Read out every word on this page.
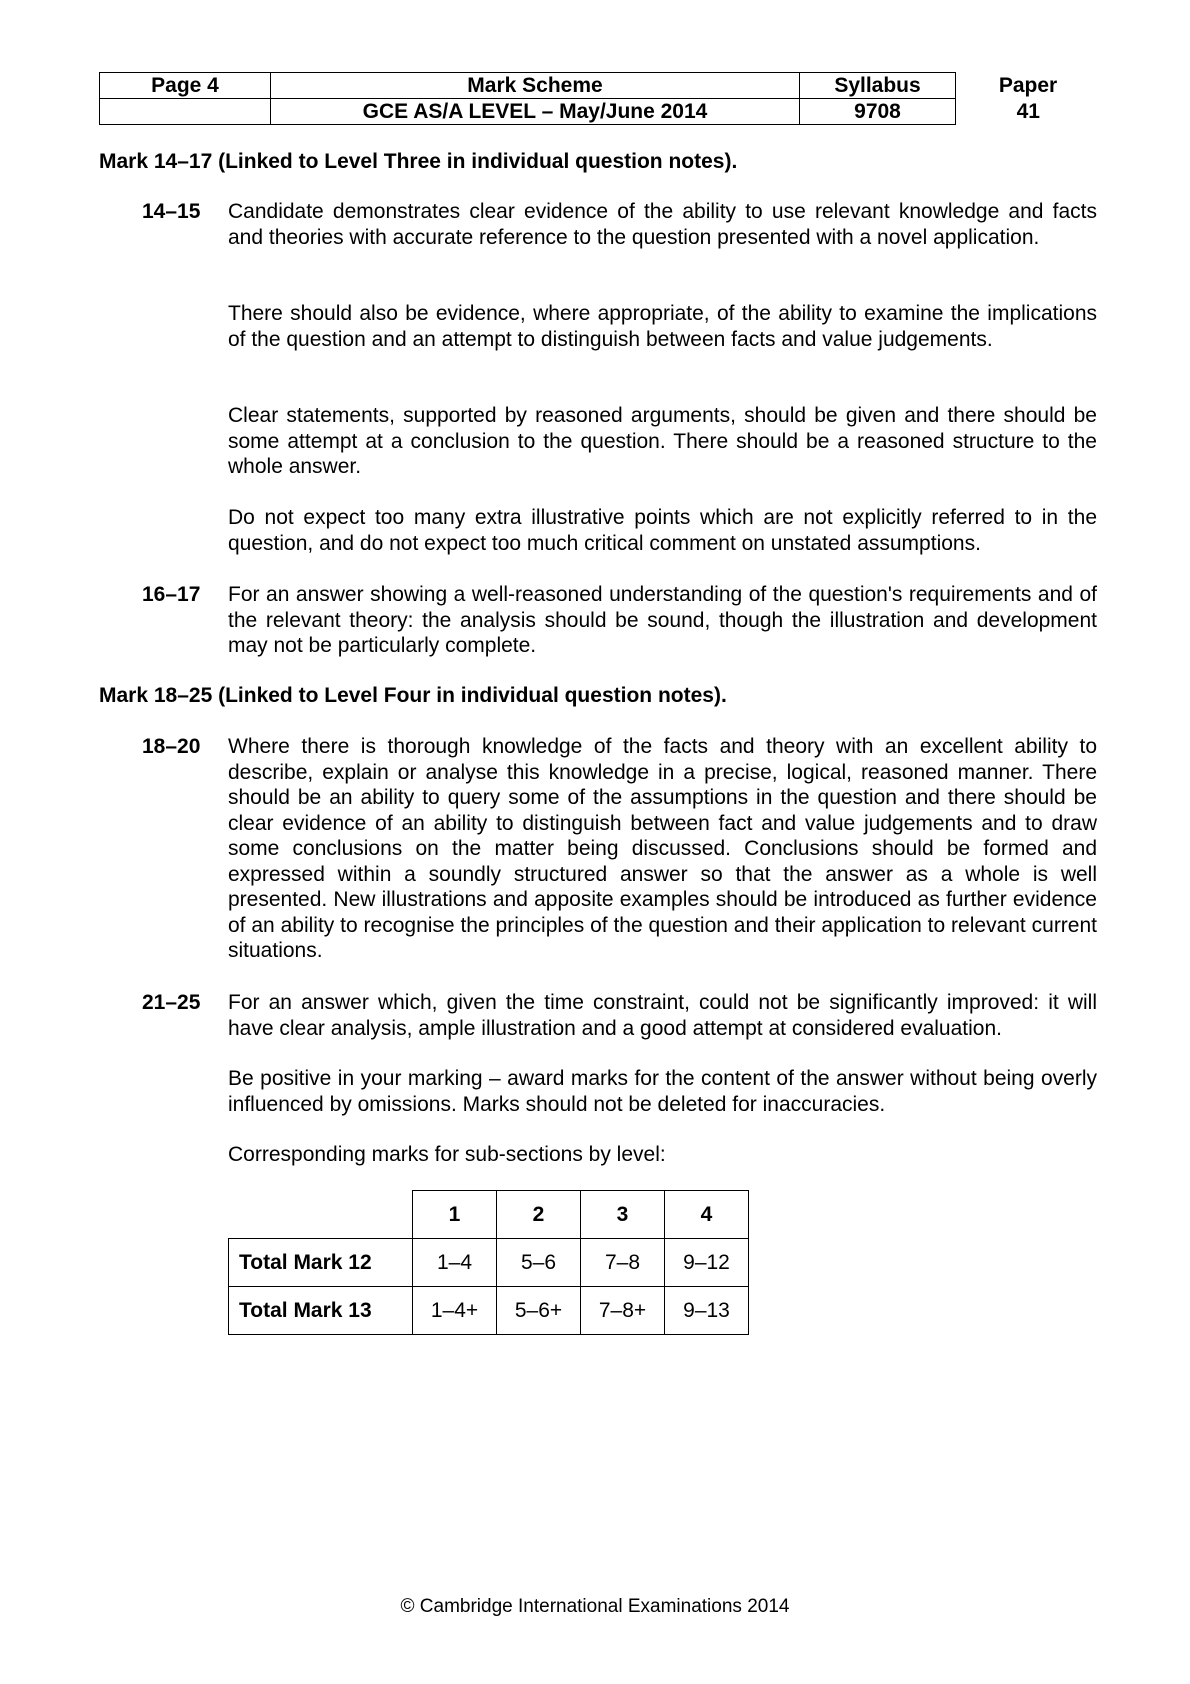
Page 4	Mark Scheme	Syllabus	Paper
	GCE AS/A LEVEL – May/June 2014	9708	41
Mark 14–17 (Linked to Level Three in individual question notes).
14–15 Candidate demonstrates clear evidence of the ability to use relevant knowledge and facts and theories with accurate reference to the question presented with a novel application.
There should also be evidence, where appropriate, of the ability to examine the implications of the question and an attempt to distinguish between facts and value judgements.
Clear statements, supported by reasoned arguments, should be given and there should be some attempt at a conclusion to the question. There should be a reasoned structure to the whole answer.
Do not expect too many extra illustrative points which are not explicitly referred to in the question, and do not expect too much critical comment on unstated assumptions.
16–17 For an answer showing a well-reasoned understanding of the question's requirements and of the relevant theory: the analysis should be sound, though the illustration and development may not be particularly complete.
Mark 18–25 (Linked to Level Four in individual question notes).
18–20 Where there is thorough knowledge of the facts and theory with an excellent ability to describe, explain or analyse this knowledge in a precise, logical, reasoned manner. There should be an ability to query some of the assumptions in the question and there should be clear evidence of an ability to distinguish between fact and value judgements and to draw some conclusions on the matter being discussed. Conclusions should be formed and expressed within a soundly structured answer so that the answer as a whole is well presented. New illustrations and apposite examples should be introduced as further evidence of an ability to recognise the principles of the question and their application to relevant current situations.
21–25 For an answer which, given the time constraint, could not be significantly improved: it will have clear analysis, ample illustration and a good attempt at considered evaluation.
Be positive in your marking – award marks for the content of the answer without being overly influenced by omissions. Marks should not be deleted for inaccuracies.
Corresponding marks for sub-sections by level:
	1	2	3	4
Total Mark 12	1–4	5–6	7–8	9–12
Total Mark 13	1–4+	5–6+	7–8+	9–13
© Cambridge International Examinations 2014
